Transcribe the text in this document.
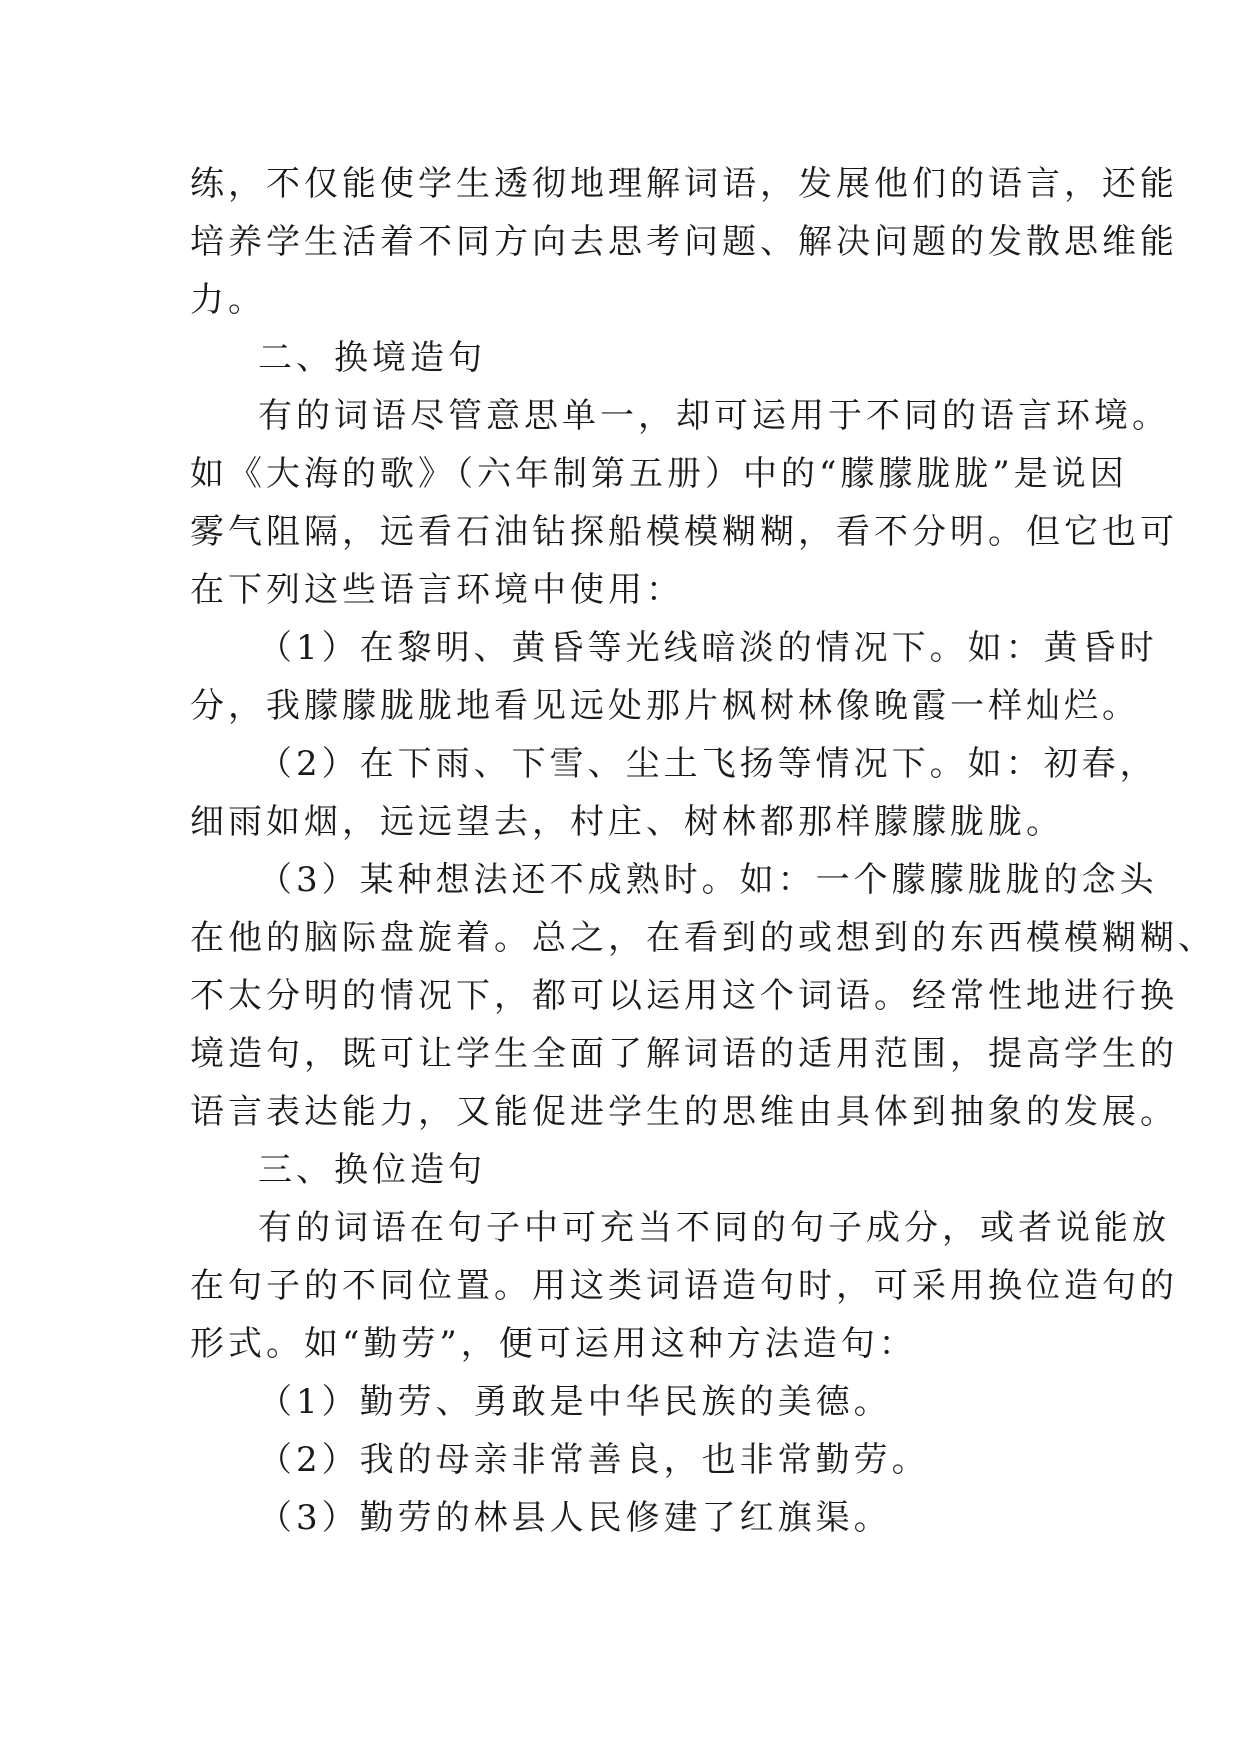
练，不仅能使学生透彻地理解词语，发展他们的语言，还能

培养学生活着不同方向去思考问题、解决问题的发散思维能

力。

二、换境造句

有的词语尽管意思单一，却可运用于不同的语言环境。

如《大海的歌》（六年制第五册）中的“朦朦胧胧”是说因

雾气阻隔，远看石油钻探船模模糊糊，看不分明。但它也可

在下列这些语言环境中使用：

（1）在黎明、黄昏等光线暗淡的情况下。如：黄昏时

分，我朦朦胧胧地看见远处那片枫树林像晚霞一样灿烂。

（2）在下雨、下雪、尘土飞扬等情况下。如：初春，

细雨如烟，远远望去，村庄、树林都那样朦朦胧胧。

（3）某种想法还不成熟时。如：一个朦朦胧胧的念头

在他的脑际盘旋着。总之，在看到的或想到的东西模模糊糊、

不太分明的情况下，都可以运用这个词语。经常性地进行换

境造句，既可让学生全面了解词语的适用范围，提高学生的

语言表达能力，又能促进学生的思维由具体到抽象的发展。

三、换位造句

有的词语在句子中可充当不同的句子成分，或者说能放

在句子的不同位置。用这类词语造句时，可采用换位造句的

形式。如“勤劳”，便可运用这种方法造句：

（1）勤劳、勇敢是中华民族的美德。

（2）我的母亲非常善良，也非常勤劳。

（3）勤劳的林县人民修建了红旗渠。
